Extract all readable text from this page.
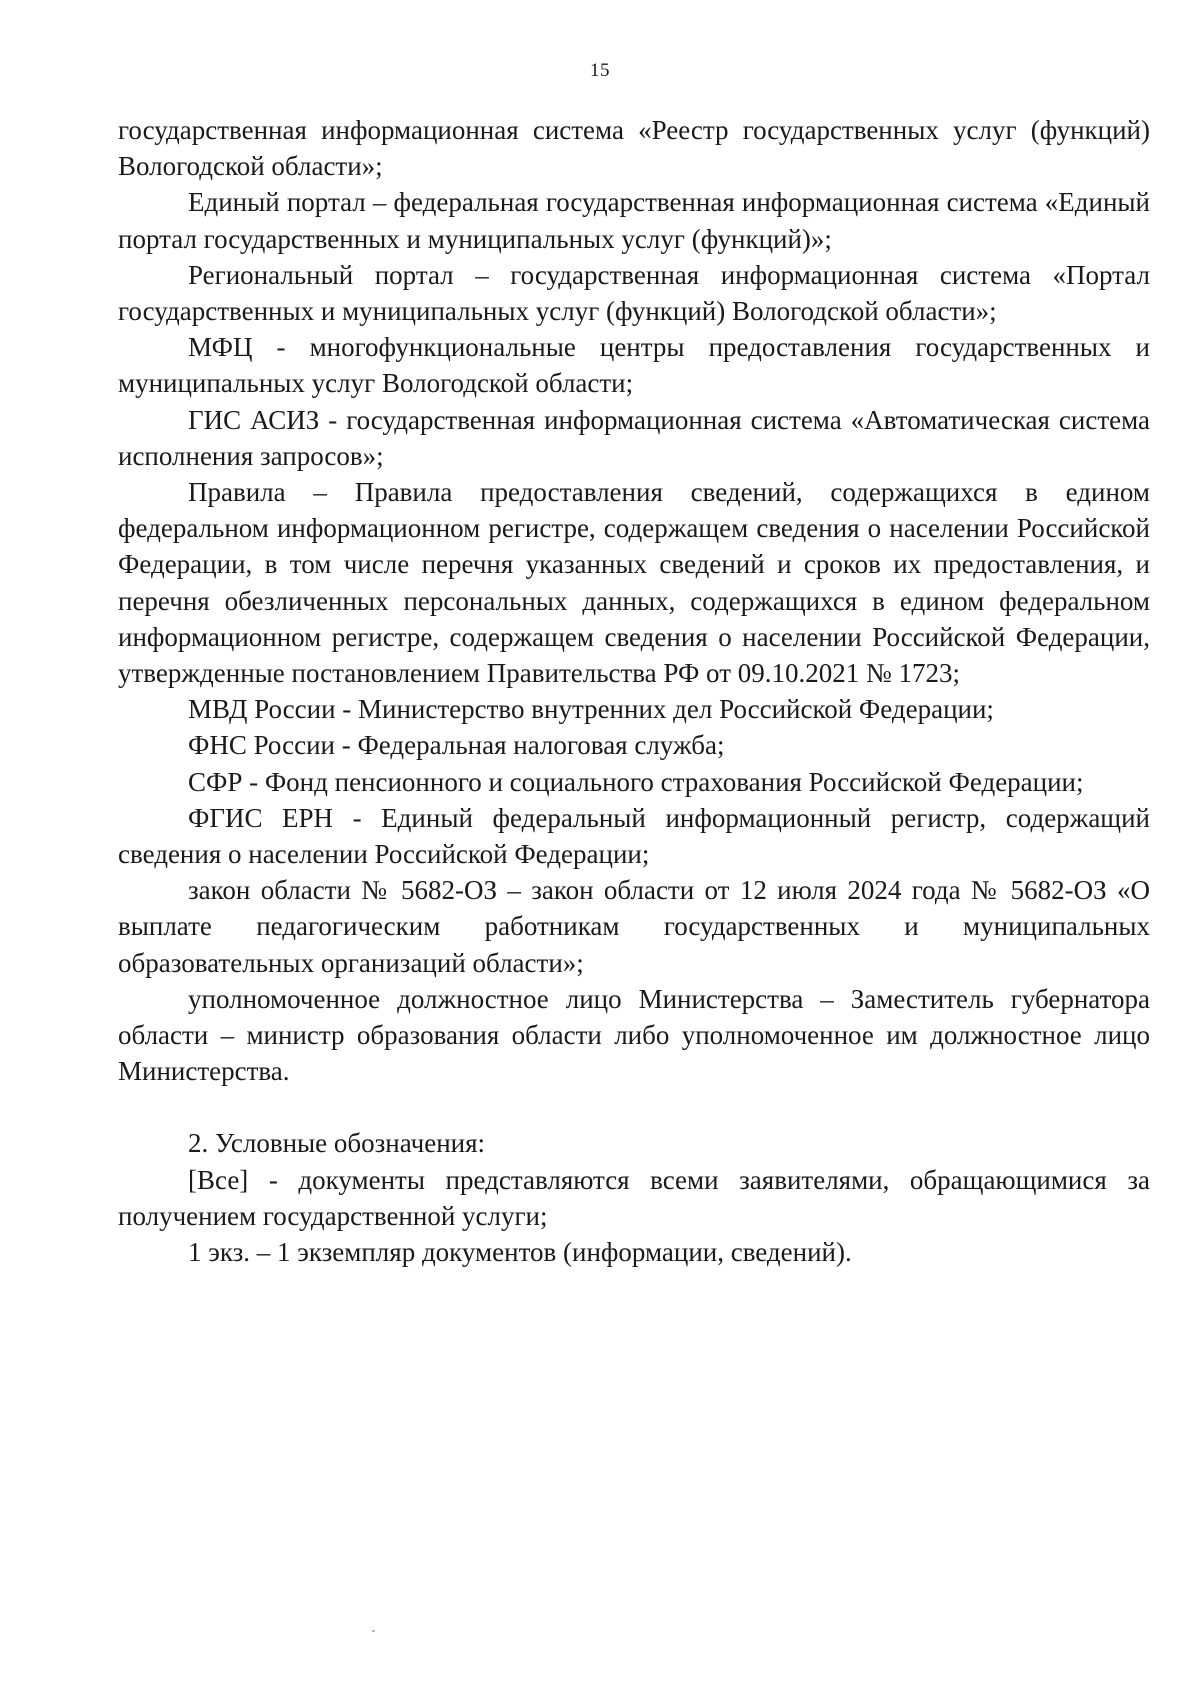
15

государственная информационная система «Реестр государственных услуг (функций) Вологодской области»;

Единый портал – федеральная государственная информационная система «Единый портал государственных и муниципальных услуг (функций)»;

Региональный портал – государственная информационная система «Портал государственных и муниципальных услуг (функций) Вологодской области»;

МФЦ - многофункциональные центры предоставления государственных и муниципальных услуг Вологодской области;

ГИС АСИЗ - государственная информационная система «Автоматическая система исполнения запросов»;

Правила – Правила предоставления сведений, содержащихся в едином федеральном информационном регистре, содержащем сведения о населении Российской Федерации, в том числе перечня указанных сведений и сроков их предоставления, и перечня обезличенных персональных данных, содержащихся в едином федеральном информационном регистре, содержащем сведения о населении Российской Федерации, утвержденные постановлением Правительства РФ от 09.10.2021 № 1723;

МВД России - Министерство внутренних дел Российской Федерации;

ФНС России - Федеральная налоговая служба;

СФР - Фонд пенсионного и социального страхования Российской Федерации;

ФГИС ЕРН - Единый федеральный информационный регистр, содержащий сведения о населении Российской Федерации;

закон области № 5682-ОЗ – закон области от 12 июля 2024 года № 5682-ОЗ «О выплате педагогическим работникам государственных и муниципальных образовательных организаций области»;

уполномоченное должностное лицо Министерства – Заместитель губернатора области – министр образования области либо уполномоченное им должностное лицо Министерства.

2. Условные обозначения:

[Все] - документы представляются всеми заявителями, обращающимися за получением государственной услуги;

1 экз. – 1 экземпляр документов (информации, сведений).
